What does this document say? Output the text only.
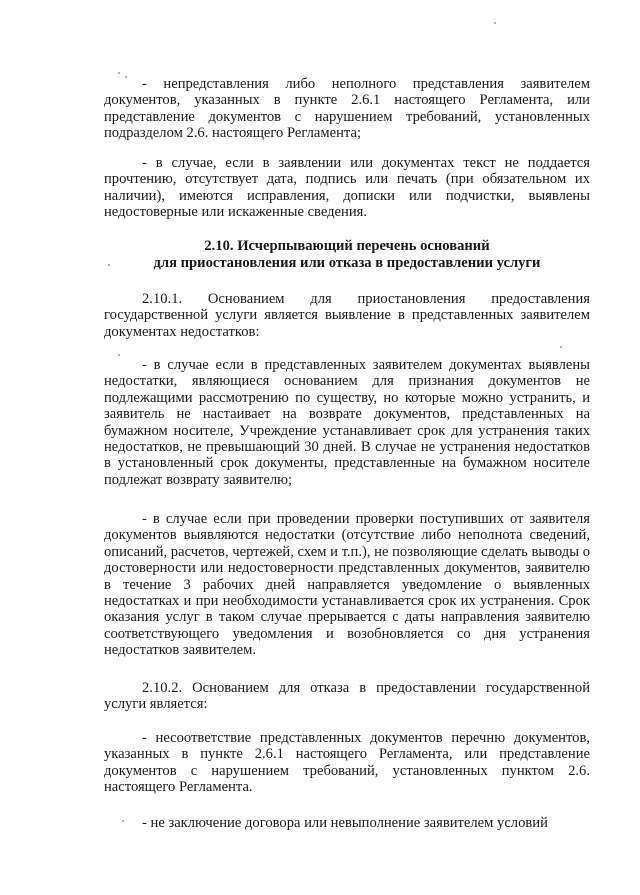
- непредставления либо неполного представления заявителем документов, указанных в пункте 2.6.1 настоящего Регламента, или представление документов с нарушением требований, установленных подразделом 2.6. настоящего Регламента;

- в случае, если в заявлении или документах текст не поддается прочтению, отсутствует дата, подпись или печать (при обязательном их наличии), имеются исправления, дописки или подчистки, выявлены недостоверные или искаженные сведения.

2.10. Исчерпывающий перечень оснований

для приостановления или отказа в предоставлении услуги

2.10.1. Основанием для приостановления предоставления государственной услуги является выявление в представленных заявителем документах недостатков:

- в случае если в представленных заявителем документах выявлены недостатки, являющиеся основанием для признания документов не подлежащими рассмотрению по существу, но которые можно устранить, и заявитель не настаивает на возврате документов, представленных на бумажном носителе, Учреждение устанавливает срок для устранения таких недостатков, не превышающий 30 дней. В случае не устранения недостатков в установленный срок документы, представленные на бумажном носителе подлежат возврату заявителю;

- в случае если при проведении проверки поступивших от заявителя документов выявляются недостатки (отсутствие либо неполнота сведений, описаний, расчетов, чертежей, схем и т.п.), не позволяющие сделать выводы о достоверности или недостоверности представленных документов, заявителю в течение 3 рабочих дней направляется уведомление о выявленных недостатках и при необходимости устанавливается срок их устранения. Срок оказания услуг в таком случае прерывается с даты направления заявителю соответствующего уведомления и возобновляется со дня устранения недостатков заявителем.

2.10.2. Основанием для отказа в предоставлении государственной услуги является:

- несоответствие представленных документов перечню документов, указанных в пункте 2.6.1 настоящего Регламента, или представление документов с нарушением требований, установленных пунктом 2.6. настоящего Регламента.

- не заключение договора или невыполнение заявителем условий
